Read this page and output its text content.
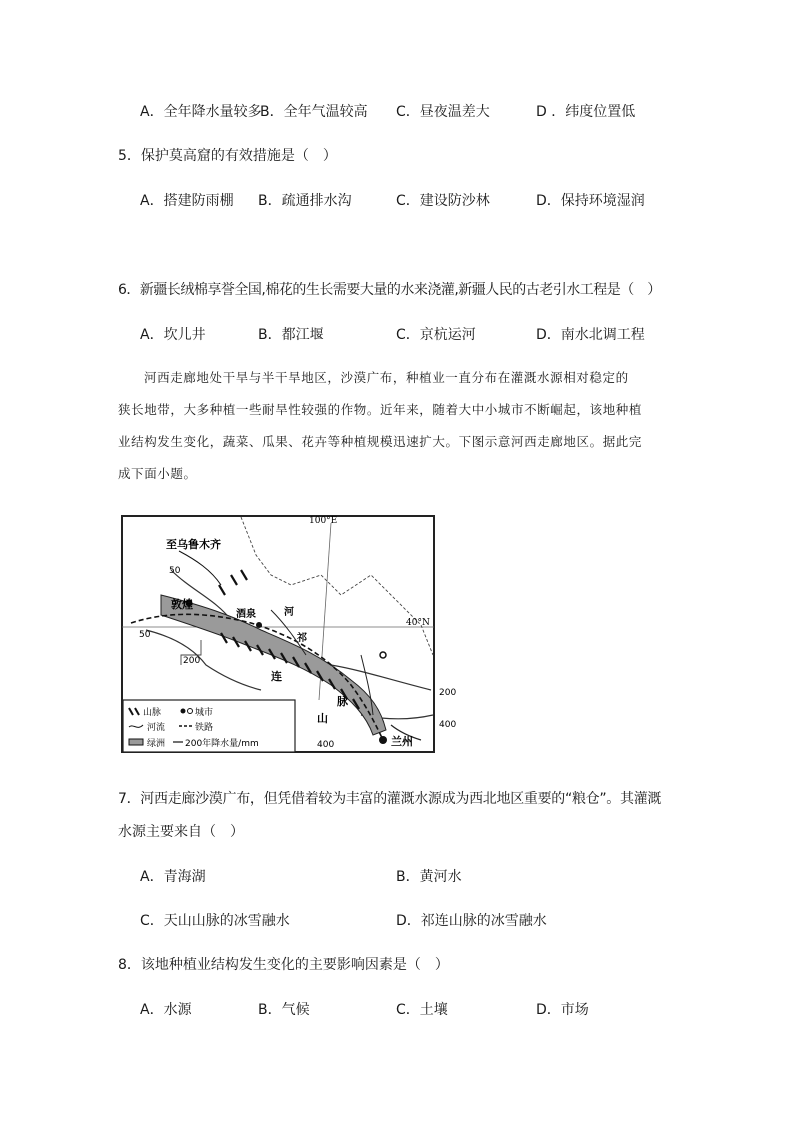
A．全年降水量较多
B．全年气温较高 C．昼夜温差大	D ．纬度位置低
5．保护莫高窟的有效措施是（　）
A．搭建防雨棚 B．疏通排水沟	C．建设防沙林	D．保持环境湿润
6．新疆长绒棉享誉全国,棉花的生长需要大量的水来浇灌,新疆人民的古老引水工程是（　）
A．坎儿井	B．都江堰	C．京杭运河	D．南水北调工程
河西走廊地处干旱与半干旱地区，沙漠广布，种植业一直分布在灌溉水源相对稳定的
狭长地带，大多种植一些耐旱性较强的作物。近年来，随着大中小城市不断崛起，该地种植
业结构发生变化，蔬菜、瓜果、花卉等种植规模迅速扩大。下图示意河西走廊地区。据此完
成下面小题。
至乌鲁木齐
100°E
40°N
敦煌
酒泉
兰州
祁
连
脉
山
河
50
50
200
200
400
400
山脉	城市
河流	铁路
绿洲 200年降水量/mm
7．河西走廊沙漠广布，但凭借着较为丰富的灌溉水源成为西北地区重要的“粮仓”。其灌溉
水源主要来自（　）
A．青海湖	B．黄河水
C．天山山脉的冰雪融水	D．祁连山脉的冰雪融水
8．该地种植业结构发生变化的主要影响因素是（　）
A．水源	B．气候	C．土壤	D．市场
